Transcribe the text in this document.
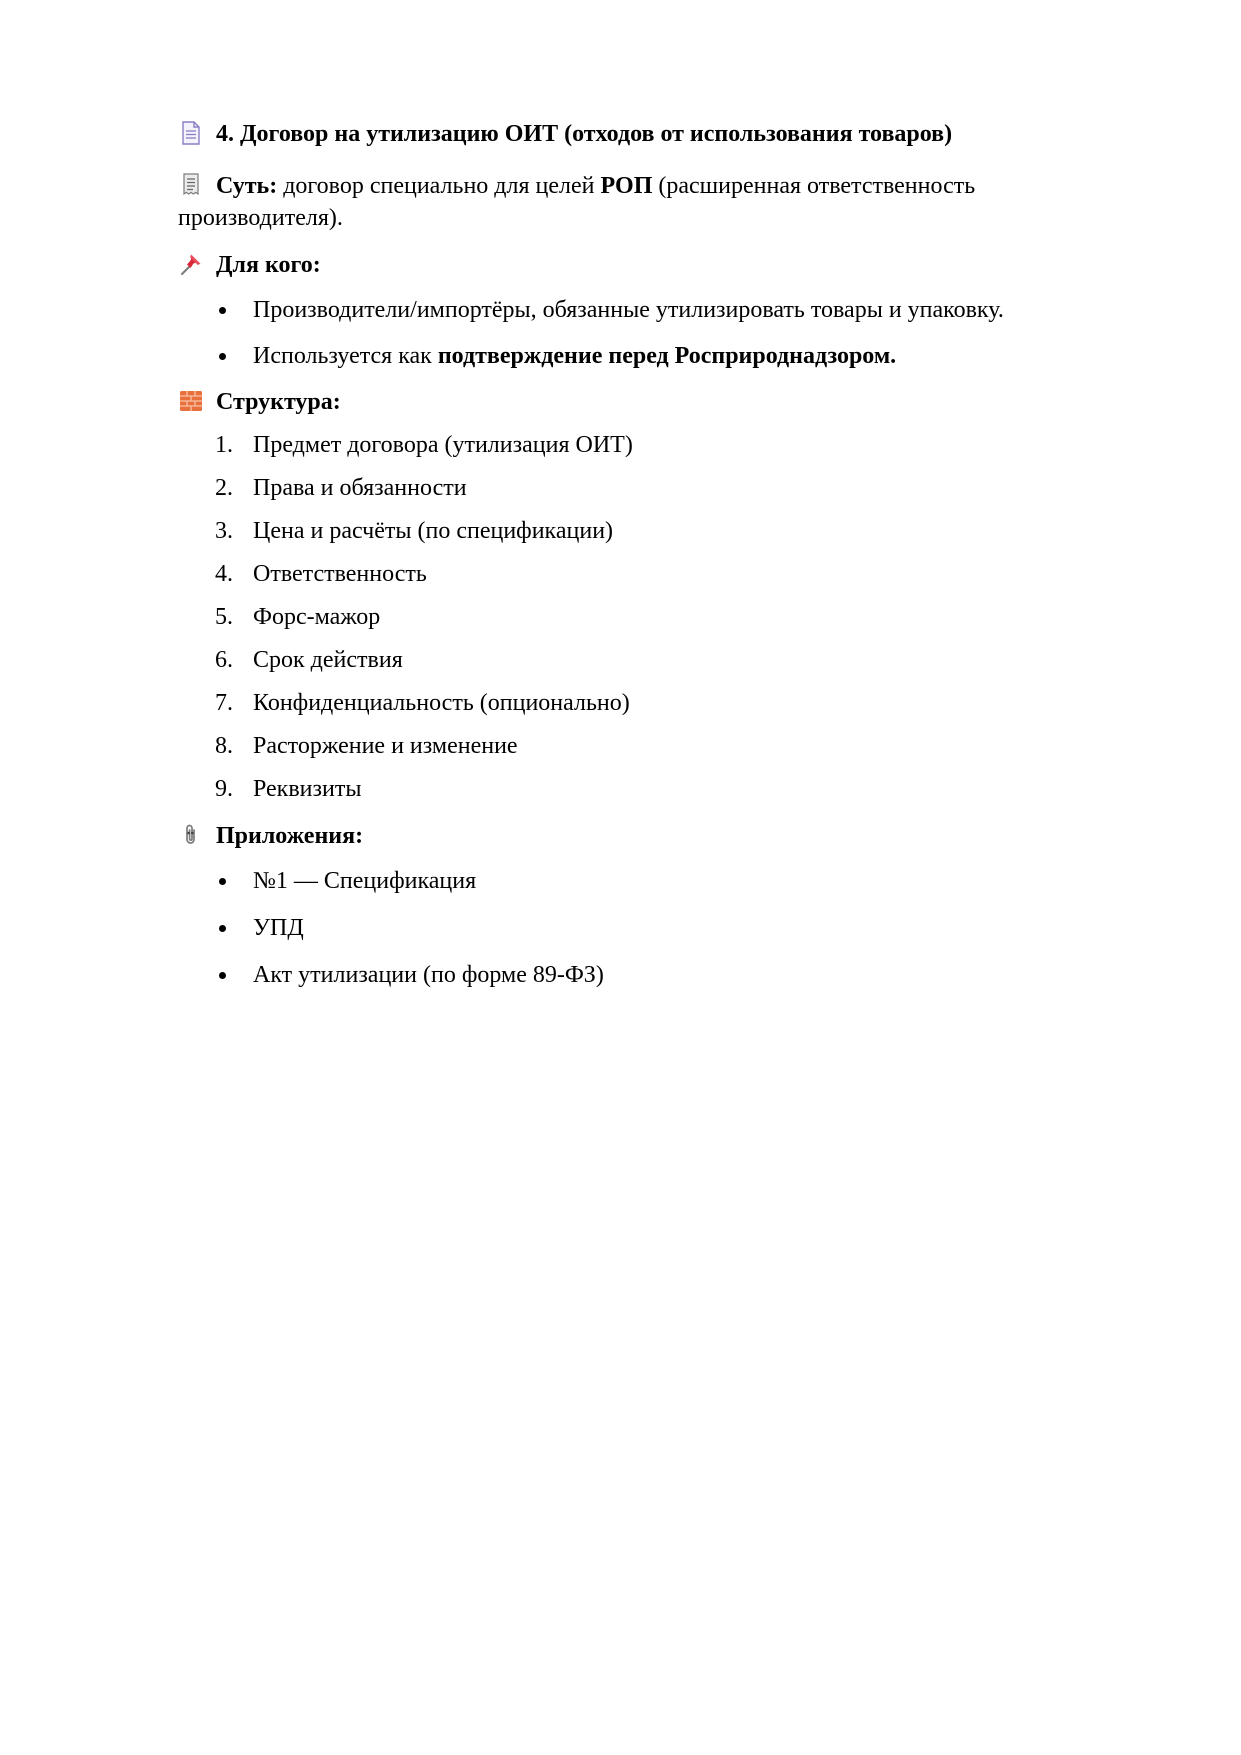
4. Договор на утилизацию ОИТ (отходов от использования товаров)

Суть: договор специально для целей РОП (расширенная ответственность производителя).

Для кого:

Производители/импортёры, обязанные утилизировать товары и упаковку.
Используется как подтверждение перед Росприроднадзором.

Структура:

1. Предмет договора (утилизация ОИТ)
2. Права и обязанности
3. Цена и расчёты (по спецификации)
4. Ответственность
5. Форс-мажор
6. Срок действия
7. Конфиденциальность (опционально)
8. Расторжение и изменение
9. Реквизиты

Приложения:

№1 — Спецификация
УПД
Акт утилизации (по форме 89-ФЗ)
